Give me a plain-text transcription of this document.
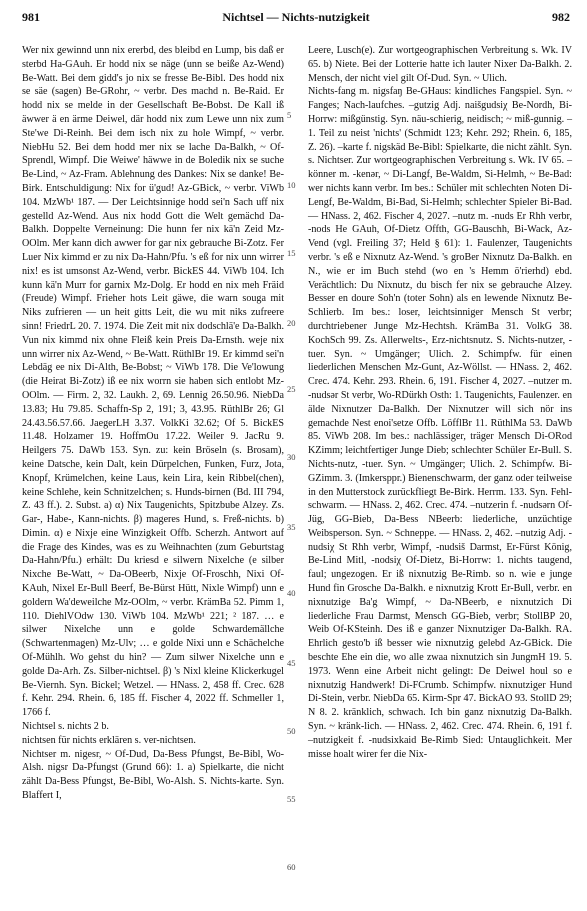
981	Nichtsel — Nichts-nutzigkeit	982

Wer nix gewinnd unn nix ererbd, des bleibd en Lump, bis daß er sterbd Ha-GAuh. Er hodd nix se näge (unn se beiße Az-Wend) Be-Watt. Bei dem gidd's jo nix se fresse Be-Bibl. Des hodd nix se säe (sagen) Be-GRohr, ~ verbr. Des machd n. Be-Raid. Er hodd nix se melde in der Gesellschaft Be-Bobst. De Kall iß äwwer ä en ärme Deiwel, där hodd nix zum Lewe unn nix zum Ste'we Di-Reinh. Bei dem isch nix zu hole Wimpf, ~ verbr. NiebHu 52. Bei dem hodd mer nix se lache Da-Balkh, ~ Of-Sprendl, Wimpf. Die Weiwe' häwwe in de Boledik nix se suche Be-Lind, ~ Az-Fram. Ablehnung des Dankes: Nix se danke! Be-Birk. Entschuldigung: Nix for ü'gud! Az-GBick, ~ verbr. ViWb 104. MzWb¹ 187. — Der Leichtsinnige hodd sei'n Sach uff nix gestelld Az-Wend. Aus nix hodd Gott die Welt gemächd Da-Balkh. Doppelte Verneinung: Die hunn fer nix kä'n Zeid Mz-OOlm. Mer kann dich awwer for gar nix gebrauche Bi-Zotz. Fer Luer Nix kimmd er zu nix Da-Hahn/Pfu. 's eß for nix unn wirrer nix! es ist umsonst Az-Wend, verbr. BickES 44. ViWb 104. Ich kunn kä'n Murr for garnix Mz-Dolg. Er hodd en nix meh Fräid (Freude) Wimpf. Frieher hots Leit gäwe, die warn souga mit Niks zufrieren — un heit gitts Leit, die wu mit niks zufreere sinn! FriedrL 20. 7. 1974. Die Zeit mit nix dodschlä'e Da-Balkh. Vun nix kimmd nix ohne Fleiß kein Preis Da-Ernsth. weje nix unn wirrer nix Az-Wend, ~ Be-Watt. RüthlBr 19. Er kimmd sei'n Lebdäg ee nix Di-Alth, Be-Bobst; ~ ViWb 178. Die Ve'lowung (die Heirat Bi-Zotz) iß ee nix worrn sie haben sich entlobt Mz-OOlm. — Firm. 2, 32. Laukh. 2, 69. Lennig 26.50.96. NiebDa 13.83; Hu 79.85. Schaffn-Sp 2, 191; 3, 43.95. RüthlBr 26; Gl 24.43.56.57.66. JaegerLH 3.37. VolkKi 32.62; Of 5. BickES 11.48. Holzamer 19. HoffmOu 17.22. Weiler 9. JacRu 9. Heilgers 75. DaWb 153. Syn. zu: kein Bröseln (s. Brosam), keine Datsche, kein Dalt, kein Dürpelchen, Funken, Furz, Jota, Knopf, Krümelchen, keine Laus, kein Lira, kein Ribbel(chen), keine Schlehe, kein Schnitzelchen; s. Hunds-birnen (Bd. III 794, Z. 43 ff.). 2. Subst. a) α) Nix Taugenichts, Spitzbube Alzey. Zs. Gar-, Habe-, Kann-nichts. β) mageres Hund, s. Freß-nichts. b) Dimin. α) e Nixje eine Winzigkeit Offb. Scherzh. Antwort auf die Frage des Kindes, was es zu Weihnachten (zum Geburtstag Da-Hahn/Pfu.) erhält: Du kriesd e silwern Nixelche (e silber Nixche Be-Watt, ~ Da-OBeerb, Nixje Of-Froschh, Nixi Of-KAuh, Nixel Er-Bull Beerf, Be-Bürst Hütt, Nixle Wimpf) unn e goldern Wa'deweilche Mz-OOlm, ~ verbr. KrämBa 52. Pimm 1, 110. DiehlVOdw 130. ViWb 104. MzWb¹ 221; ² 187. … e silwer Nixelche unn e golde Schwardemällche (Schwartenmagen) Mz-Ulv; … e golde Nixi unn e Schächelche Of-Mühlh. Wo gehst du hin? — Zum silwer Nixelche unn e golde Da-Arh. Zs. Silber-nichtsel. β) 's Nixl kleine Klickerkugel Be-Viernh. Syn. Bickel; Wetzel. — HNass. 2, 458 ff. Crec. 628 f. Kehr. 294. Rhein. 6, 185 ff. Fischer 4, 2022 ff. Schmeller 1, 1766 f.

Nichtsel s. nichts 2 b.

nichtsen für nichts erklären s. ver-nichtsen.

Nichtser m. nigesr, ~ Of-Dud, Da-Bess Pfungst, Be-Bibl, Wo-Alsh. nigsr Da-Pfungst (Grund 66): 1. a) Spielkarte, die nicht zählt Da-Bess Pfungst, Be-Bibl, Wo-Alsh. S. Nichts-karte. Syn. Blaffert I,

5
10
15
20
25
30
35
40
45
50
55
60

Leere, Lusch(e). Zur wortgeographischen Verbreitung s. Wk. IV 65. b) Niete. Bei der Lotterie hatte ich lauter Nixer Da-Balkh. 2. Mensch, der nicht viel gilt Of-Dud. Syn. ~ Ulich.

Nichts-fang m. nigsfaŋ Be-GHaus: kindliches Fangspiel. Syn. ~ Fanges; Nach-laufches. –gutzig Adj. naišgudsiχ Be-Nordh, Bi-Horrw: mißgünstig. Syn. näu-schierig, neidisch; ~ miß-gunnig. – 1. Teil zu neist 'nichts' (Schmidt 123; Kehr. 292; Rhein. 6, 185, Z. 26). –karte f. nigskäd Be-Bibl: Spielkarte, die nicht zählt. Syn. s. Nichtser. Zur wortgeographischen Verbreitung s. Wk. IV 65. –könner m. -kenər, ~ Di-Langf, Be-Waldm, Si-Helmh, ~ Be-Bad: wer nichts kann verbr. Im bes.: Schüler mit schlechten Noten Di-Lengf, Be-Waldm, Bi-Bad, Si-Helmh; schlechter Spieler Bi-Bad. — HNass. 2, 462. Fischer 4, 2027. –nutz m. -nuds Er Rhh verbr, -nods He GAuh, Of-Dietz Offth, GG-Bauschh, Bi-Wack, Az-Vend (vgl. Freiling 37; Held § 61): 1. Faulenzer, Taugenichts verbr. 's eß e Nixnutz Az-Wend. 's groBer Nixnutz Da-Balkh. en N., wie er im Buch stehd (wo en 's Hemm ö'rierhd) ebd. Verächtlich: Du Nixnutz, du bisch fer nix se gebrauche Alzey. Besser en doure Soh'n (toter Sohn) als en lewende Nixnutz Be-Schlierb. Im bes.: loser, leichtsinniger Mensch St verbr; durchtriebener Junge Mz-Hechtsh. KrämBa 31. VolkG 38. KochSch 99. Zs. Allerwelts-, Erz-nichtsnutz. S. Nichts-nutzer, -tuer. Syn. ~ Umgänger; Ulich. 2. Schimpfw. für einen liederlichen Menschen Mz-Gunt, Az-Wöllst. — HNass. 2, 462. Crec. 474. Kehr. 293. Rhein. 6, 191. Fischer 4, 2027. –nutzer m. -nudsər St verbr, Wo-RDürkh Osth: 1. Taugenichts, Faulenzer. en älde Nixnutzer Da-Balkh. Der Nixnutzer will sich nör ins gemachde Nest enoi'setze Offb. LöfflBr 11. RüthlMa 53. DaWb 85. ViWb 208. Im bes.: nachlässiger, träger Mensch Di-ORod KZimm; leichtfertiger Junge Dieb; schlechter Schüler Er-Bull. S. Nichts-nutz, -tuer. Syn. ~ Umgänger; Ulich. 2. Schimpfw. Bi-GZimm. 3. (Imkersppr.) Bienenschwarm, der ganz oder teilweise in den Mutterstock zurückfliegt Be-Birk. Herrm. 133. Syn. Fehl-schwarm. — HNass. 2, 462. Crec. 474. –nutzerin f. -nudsərn Of-Jüg, GG-Bieb, Da-Bess NBeerb: liederliche, unzüchtige Weibsperson. Syn. ~ Schneppe. — HNass. 2, 462. –nutzig Adj. -nudsiχ St Rhh verbr, Wimpf, -nudsiš Darmst, Er-Fürst König, Be-Lind Mitl, -nodsiχ Of-Dietz, Bi-Horrw: 1. nichts taugend, faul; ungezogen. Er iß nixnutzig Be-Rimb. so n. wie e junge Hund fin Grosche Da-Balkh. e nixnutzig Krott Er-Bull, verbr. en nixnutzige Ba'g Wimpf, ~ Da-NBeerb, e nixnutzich Di liederliche Frau Darmst, Mensch GG-Bieb, verbr; StollBP 20, Weib Of-KSteinh. Des iß e ganzer Nixnutziger Da-Balkh. RA. Ehrlich gesto'b iß besser wie nixnutzig gelebd Az-GBick. Die beschte Ehe ein die, wo alle zwaa nixnutzich sin JungmH 19. 5. 1973. Wenn eine Arbeit nicht gelingt: De Deiwel houl so e nixnutzig Handwerk! Di-FCrumb. Schimpfw. nixnutziger Hund Di-Stein, verbr. NiebDa 65. Kirm-Spr 47. BickAO 93. StollD 29; N 8. 2. kränklich, schwach. Ich bin ganz nixnutzig Da-Balkh. Syn. ~ kränk-lich. — HNass. 2, 462. Crec. 474. Rhein. 6, 191 f. –nutzigkeit f. -nudsixkaid Be-Rimb Sied: Untauglichkeit. Mer misse hoalt wirer fer die Nix-
